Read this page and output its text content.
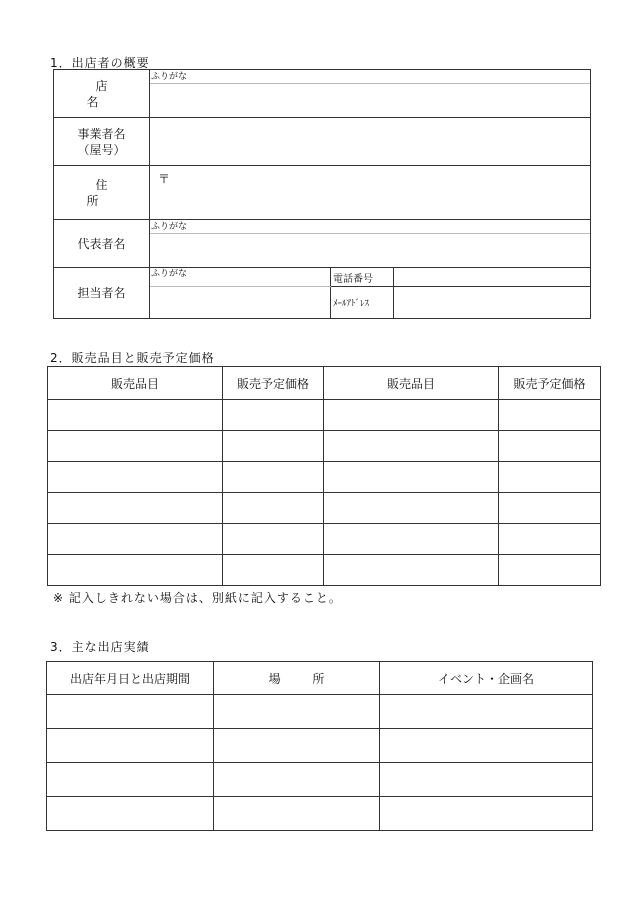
1．出店者の概要
店 名	ふりがな		

事業者名
（屋号）			

住 所	〒		

代表者名	ふりがな		

担当者名	ふりがな	電話番号	
		ﾒｰﾙｱﾄﾞﾚｽ	
2．販売品目と販売予定価格
販売品目	販売予定価格	販売品目	販売予定価格

※ 記入しきれない場合は、別紙に記入すること。
3．主な出店実績
出店年月日と出店期間	場 所	イベント・企画名
